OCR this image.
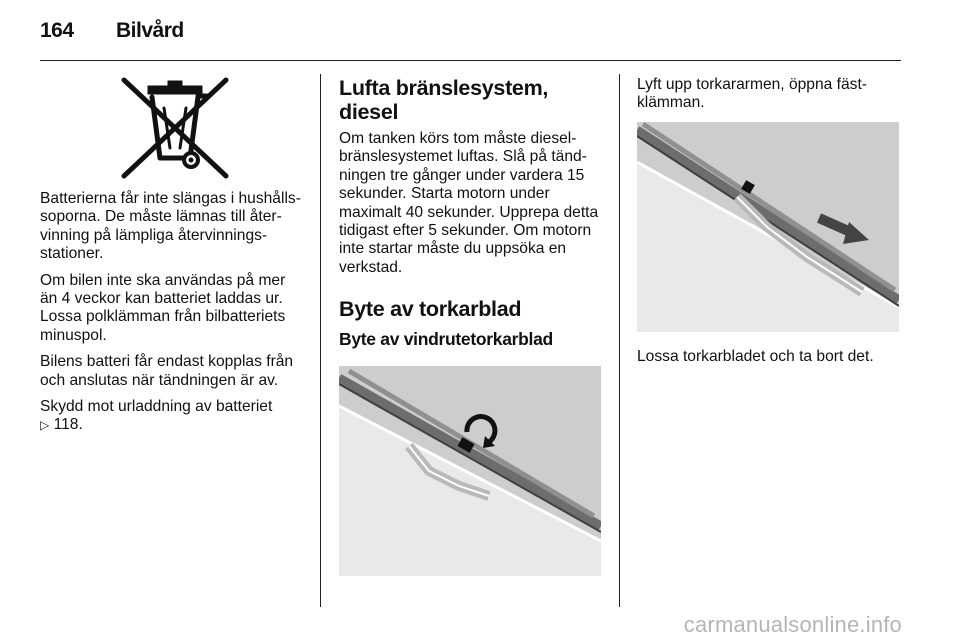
164 Bilvård

Batterierna får inte slängas i hushålls-soporna. De måste lämnas till åter-vinning på lämpliga återvinnings-stationer.

Om bilen inte ska användas på mer än 4 veckor kan batteriet laddas ur. Lossa polklämman från bilbatteriets minuspol.

Bilens batteri får endast kopplas från och anslutas när tändningen är av.

Skydd mot urladdning av batteriet
▷ 118.

Lufta bränslesystem, diesel

Om tanken körs tom måste diesel-bränslesystemet luftas. Slå på tänd-ningen tre gånger under vardera 15 sekunder. Starta motorn under maximalt 40 sekunder. Upprepa detta tidigast efter 5 sekunder. Om motorn inte startar måste du uppsöka en verkstad.

Byte av torkarblad
Byte av vindrutetorkarblad

Lyft upp torkararmen, öppna fäst-klämman.

Lossa torkarbladet och ta bort det.

carmanualsonline.info
